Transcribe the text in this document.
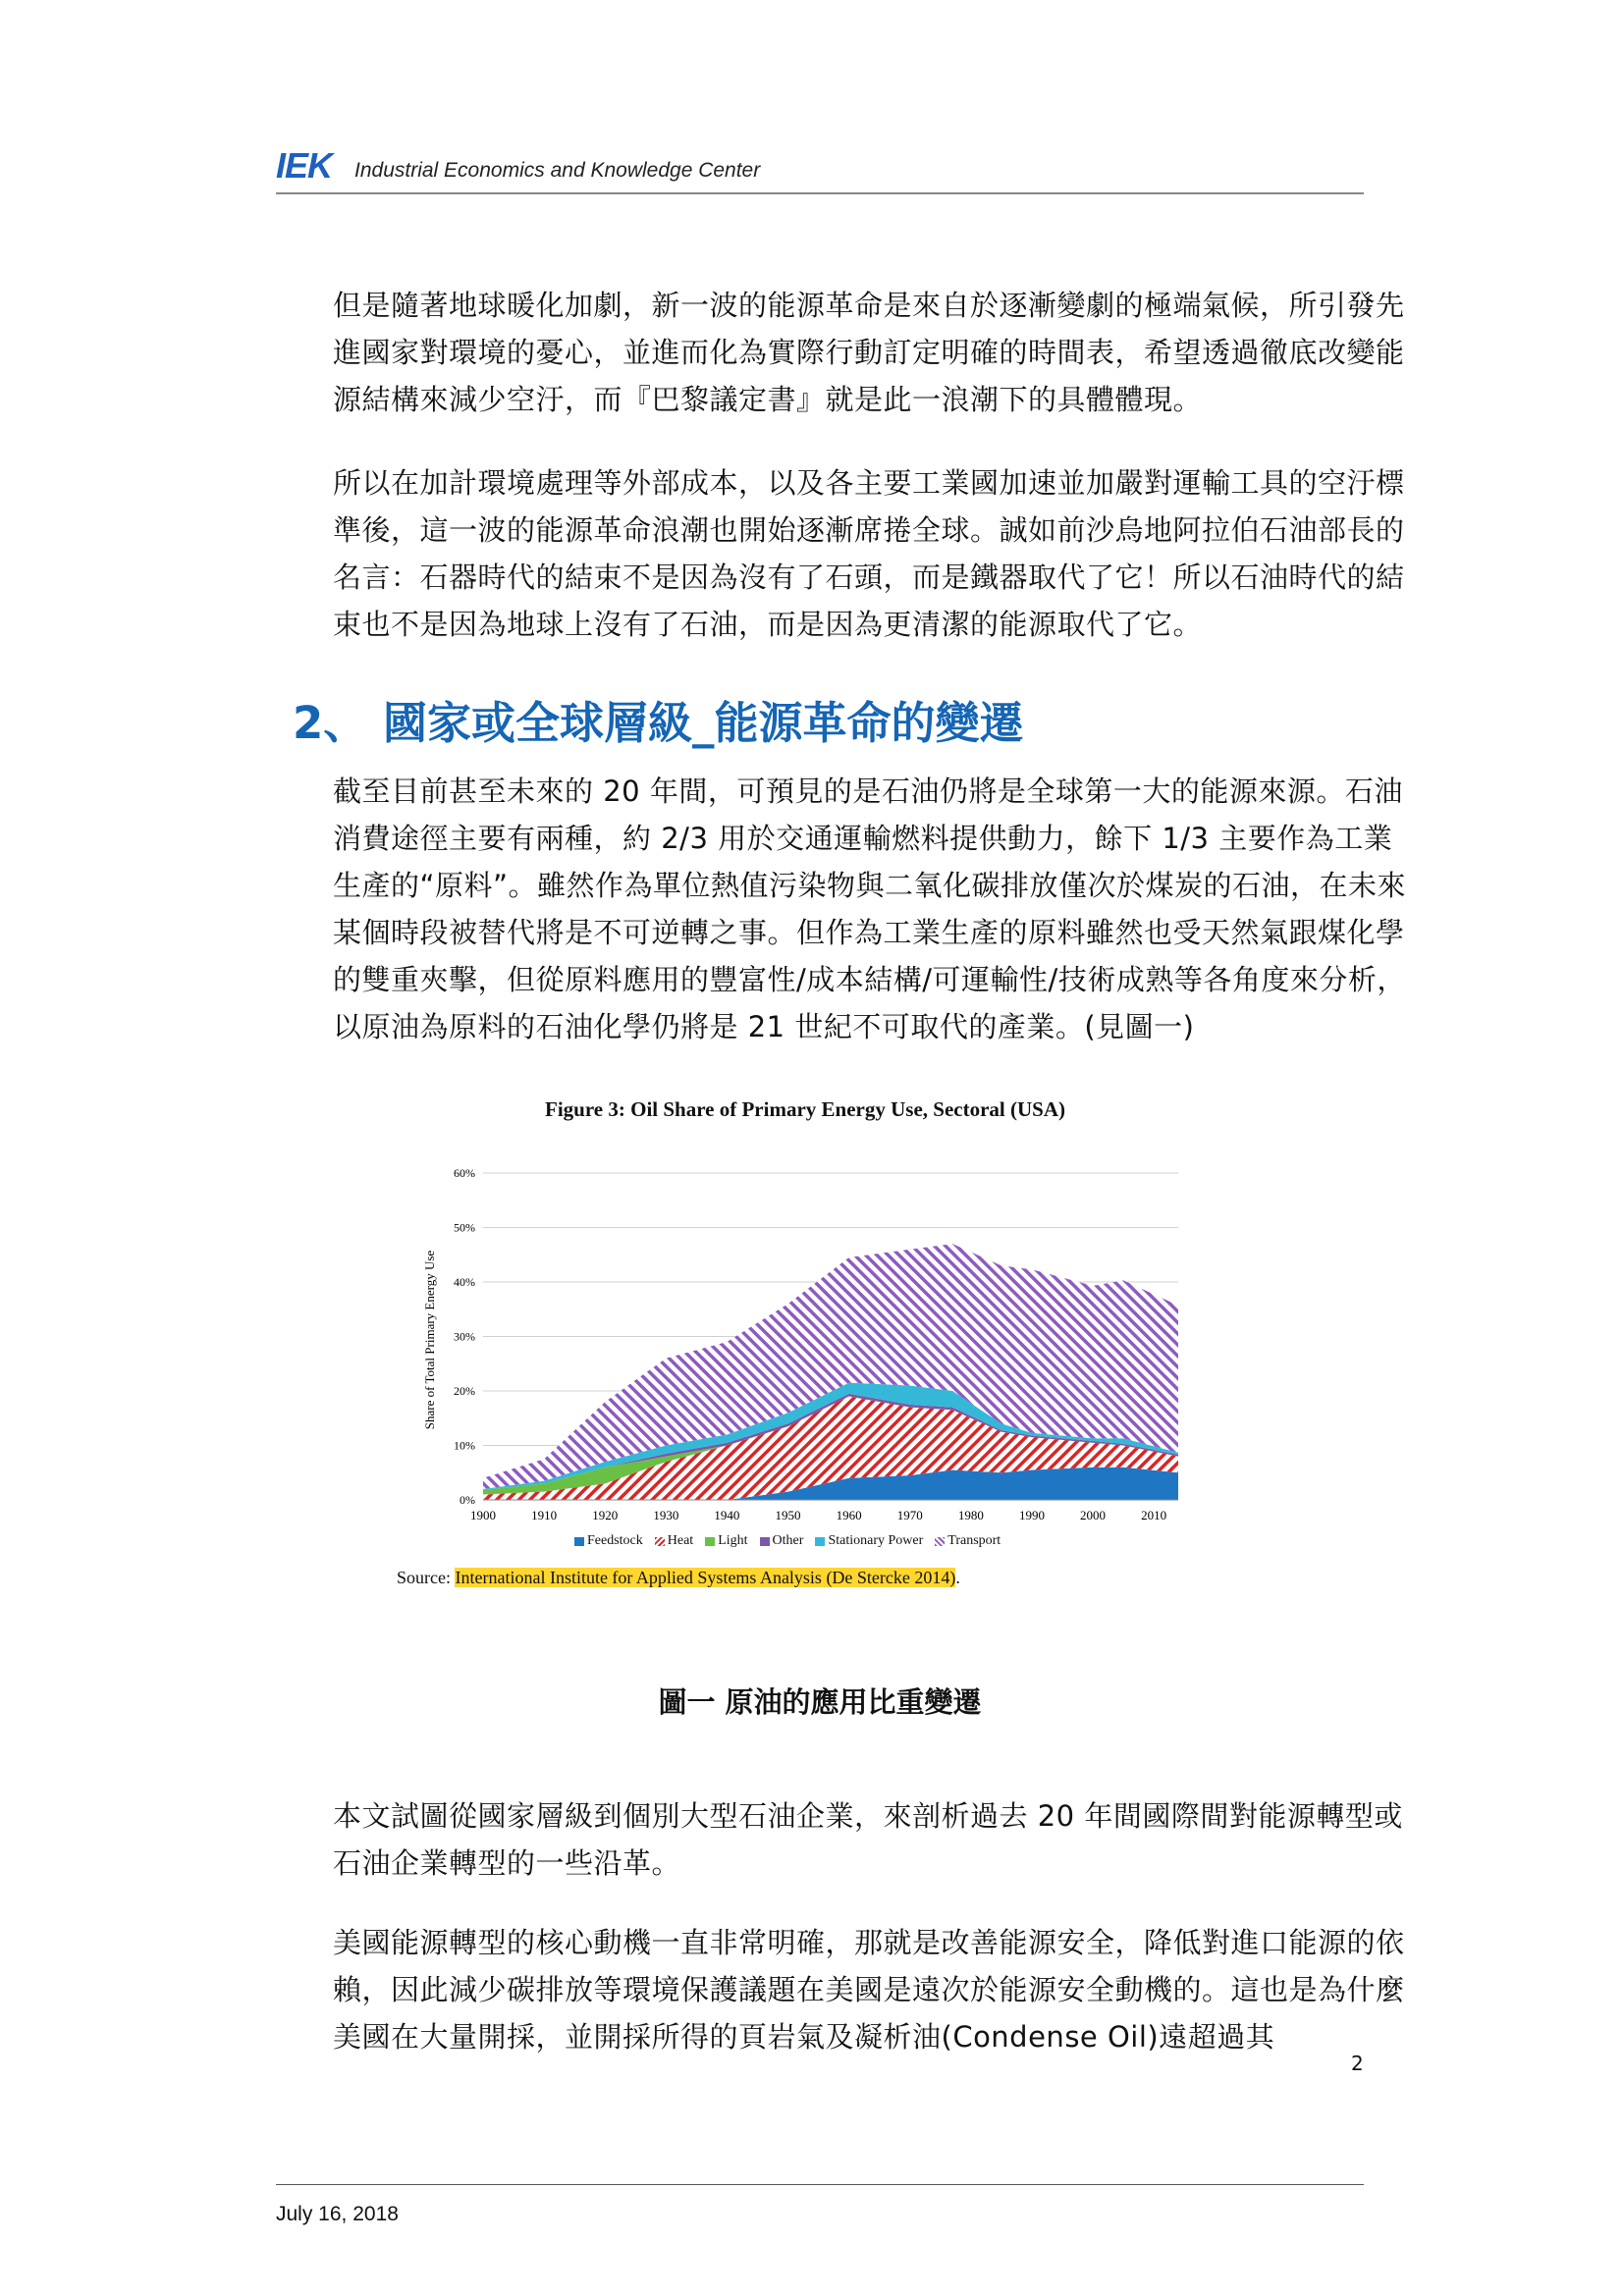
IEK Industrial Economics and Knowledge Center

但是隨著地球暖化加劇，新一波的能源革命是來自於逐漸變劇的極端氣候，所引發先進國家對環境的憂心，並進而化為實際行動訂定明確的時間表，希望透過徹底改變能源結構來減少空汙，而『巴黎議定書』就是此一浪潮下的具體體現。

所以在加計環境處理等外部成本，以及各主要工業國加速並加嚴對運輸工具的空汙標準後，這一波的能源革命浪潮也開始逐漸席捲全球。誠如前沙烏地阿拉伯石油部長的名言：石器時代的結束不是因為沒有了石頭，而是鐵器取代了它！所以石油時代的結束也不是因為地球上沒有了石油，而是因為更清潔的能源取代了它。

2、 國家或全球層級_能源革命的變遷

截至目前甚至未來的 20 年間，可預見的是石油仍將是全球第一大的能源來源。石油消費途徑主要有兩種，約 2/3 用於交通運輸燃料提供動力，餘下 1/3 主要作為工業生產的“原料”。雖然作為單位熱值污染物與二氧化碳排放僅次於煤炭的石油，在未來某個時段被替代將是不可逆轉之事。但作為工業生產的原料雖然也受天然氣跟煤化學的雙重夾擊，但從原料應用的豐富性/成本結構/可運輸性/技術成熟等各角度來分析，以原油為原料的石油化學仍將是 21 世紀不可取代的產業。(見圖一)

Figure 3: Oil Share of Primary Energy Use, Sectoral (USA)
1900	1910	1920	1930	1940	1950	1960	1970	1980	1990	2000	2010
0%
10%
20%
30%
40%
50%
60%
Share of Total Primary Energy Use
Feedstock Heat Light Other Stationary Power Transport
Source: International Institute for Applied Systems Analysis (De Stercke 2014).

圖一 原油的應用比重變遷

本文試圖從國家層級到個別大型石油企業，來剖析過去 20 年間國際間對能源轉型或石油企業轉型的一些沿革。

美國能源轉型的核心動機一直非常明確，那就是改善能源安全，降低對進口能源的依賴，因此減少碳排放等環境保護議題在美國是遠次於能源安全動機的。這也是為什麼美國在大量開採，並開採所得的頁岩氣及凝析油(Condense Oil)遠超過其

2
July 16, 2018
